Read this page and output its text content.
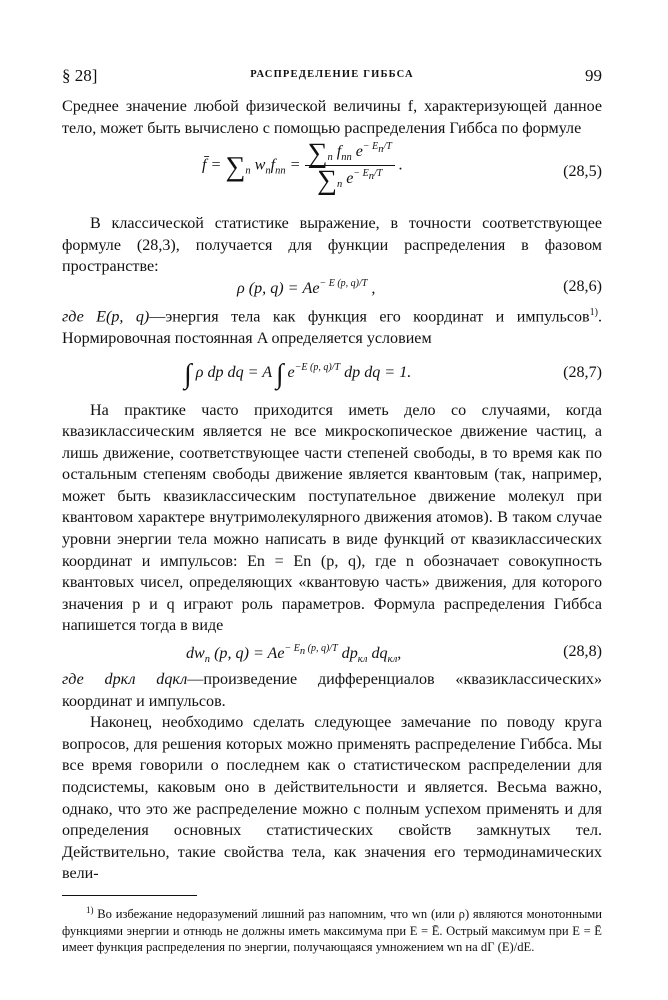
§ 28]	РАСПРЕДЕЛЕНИЕ ГИББСА	99

Среднее значение любой физической величины f, характеризующей данное тело, может быть вычислено с помощью распределения Гиббса по формуле

f̄ = $\sum_n$ $w_nf_{nn} = \frac{\sum_n f_{nn} e^{- E_n/T}}{\sum_n e^{- E_n/T}}$ .	(28,5)

В классической статистике выражение, в точности соответствующее формуле (28,3), получается для функции распределения в фазовом пространстве:

ρ (p, $q) = Ae^{- E (p, q)/T}$ ,	(28,6)

где E(p, q)—энергия тела как функция его координат и импульсов$^{1)}$. Нормировочная постоянная A определяется условием

∫ ρ dp dq = A ∫ $e^{-E (p, q)/T}$ dp dq = 1.	(28,7)

На практике часто приходится иметь дело со случаями, когда квазиклассическим является не все микроскопическое движение частиц, а лишь движение, соответствующее части степеней свободы, в то время как по остальным степеням свободы движение является квантовым (так, например, может быть квазиклассическим поступательное движение молекул при квантовом характере внутримолекулярного движения атомов). В таком случае уровни энергии тела можно написать в виде функций от квазиклассических координат и импульсов: En = En (p, q), где n обозначает совокупность квантовых чисел, определяющих «квантовую часть» движения, для которого значения p и q играют роль параметров. Формула распределения Гиббса напишется тогда в виде

$dw_n$ (p, $q) = Ae^{- E_n (p, q)/T}$ $dp_{кл}$ $dq_{кл}$,	(28,8)

где dpкл dqкл—произведение дифференциалов «квазиклассических» координат и импульсов.

Наконец, необходимо сделать следующее замечание по поводу круга вопросов, для решения которых можно применять распределение Гиббса. Мы все время говорили о последнем как о статистическом распределении для подсистемы, каковым оно в действительности и является. Весьма важно, однако, что это же распределение можно с полным успехом применять и для определения основных статистических свойств замкнутых тел. Действительно, такие свойства тела, как значения его термодинамических вели-

$^{1)}$ Во избежание недоразумений лишний раз напомним, что wn (или ρ) являются монотонными функциями энергии и отнюдь не должны иметь максимума при E = Ē. Острый максимум при E = Ē имеет функция распределения по энергии, получающаяся умножением wn на dΓ (E)/dE.
